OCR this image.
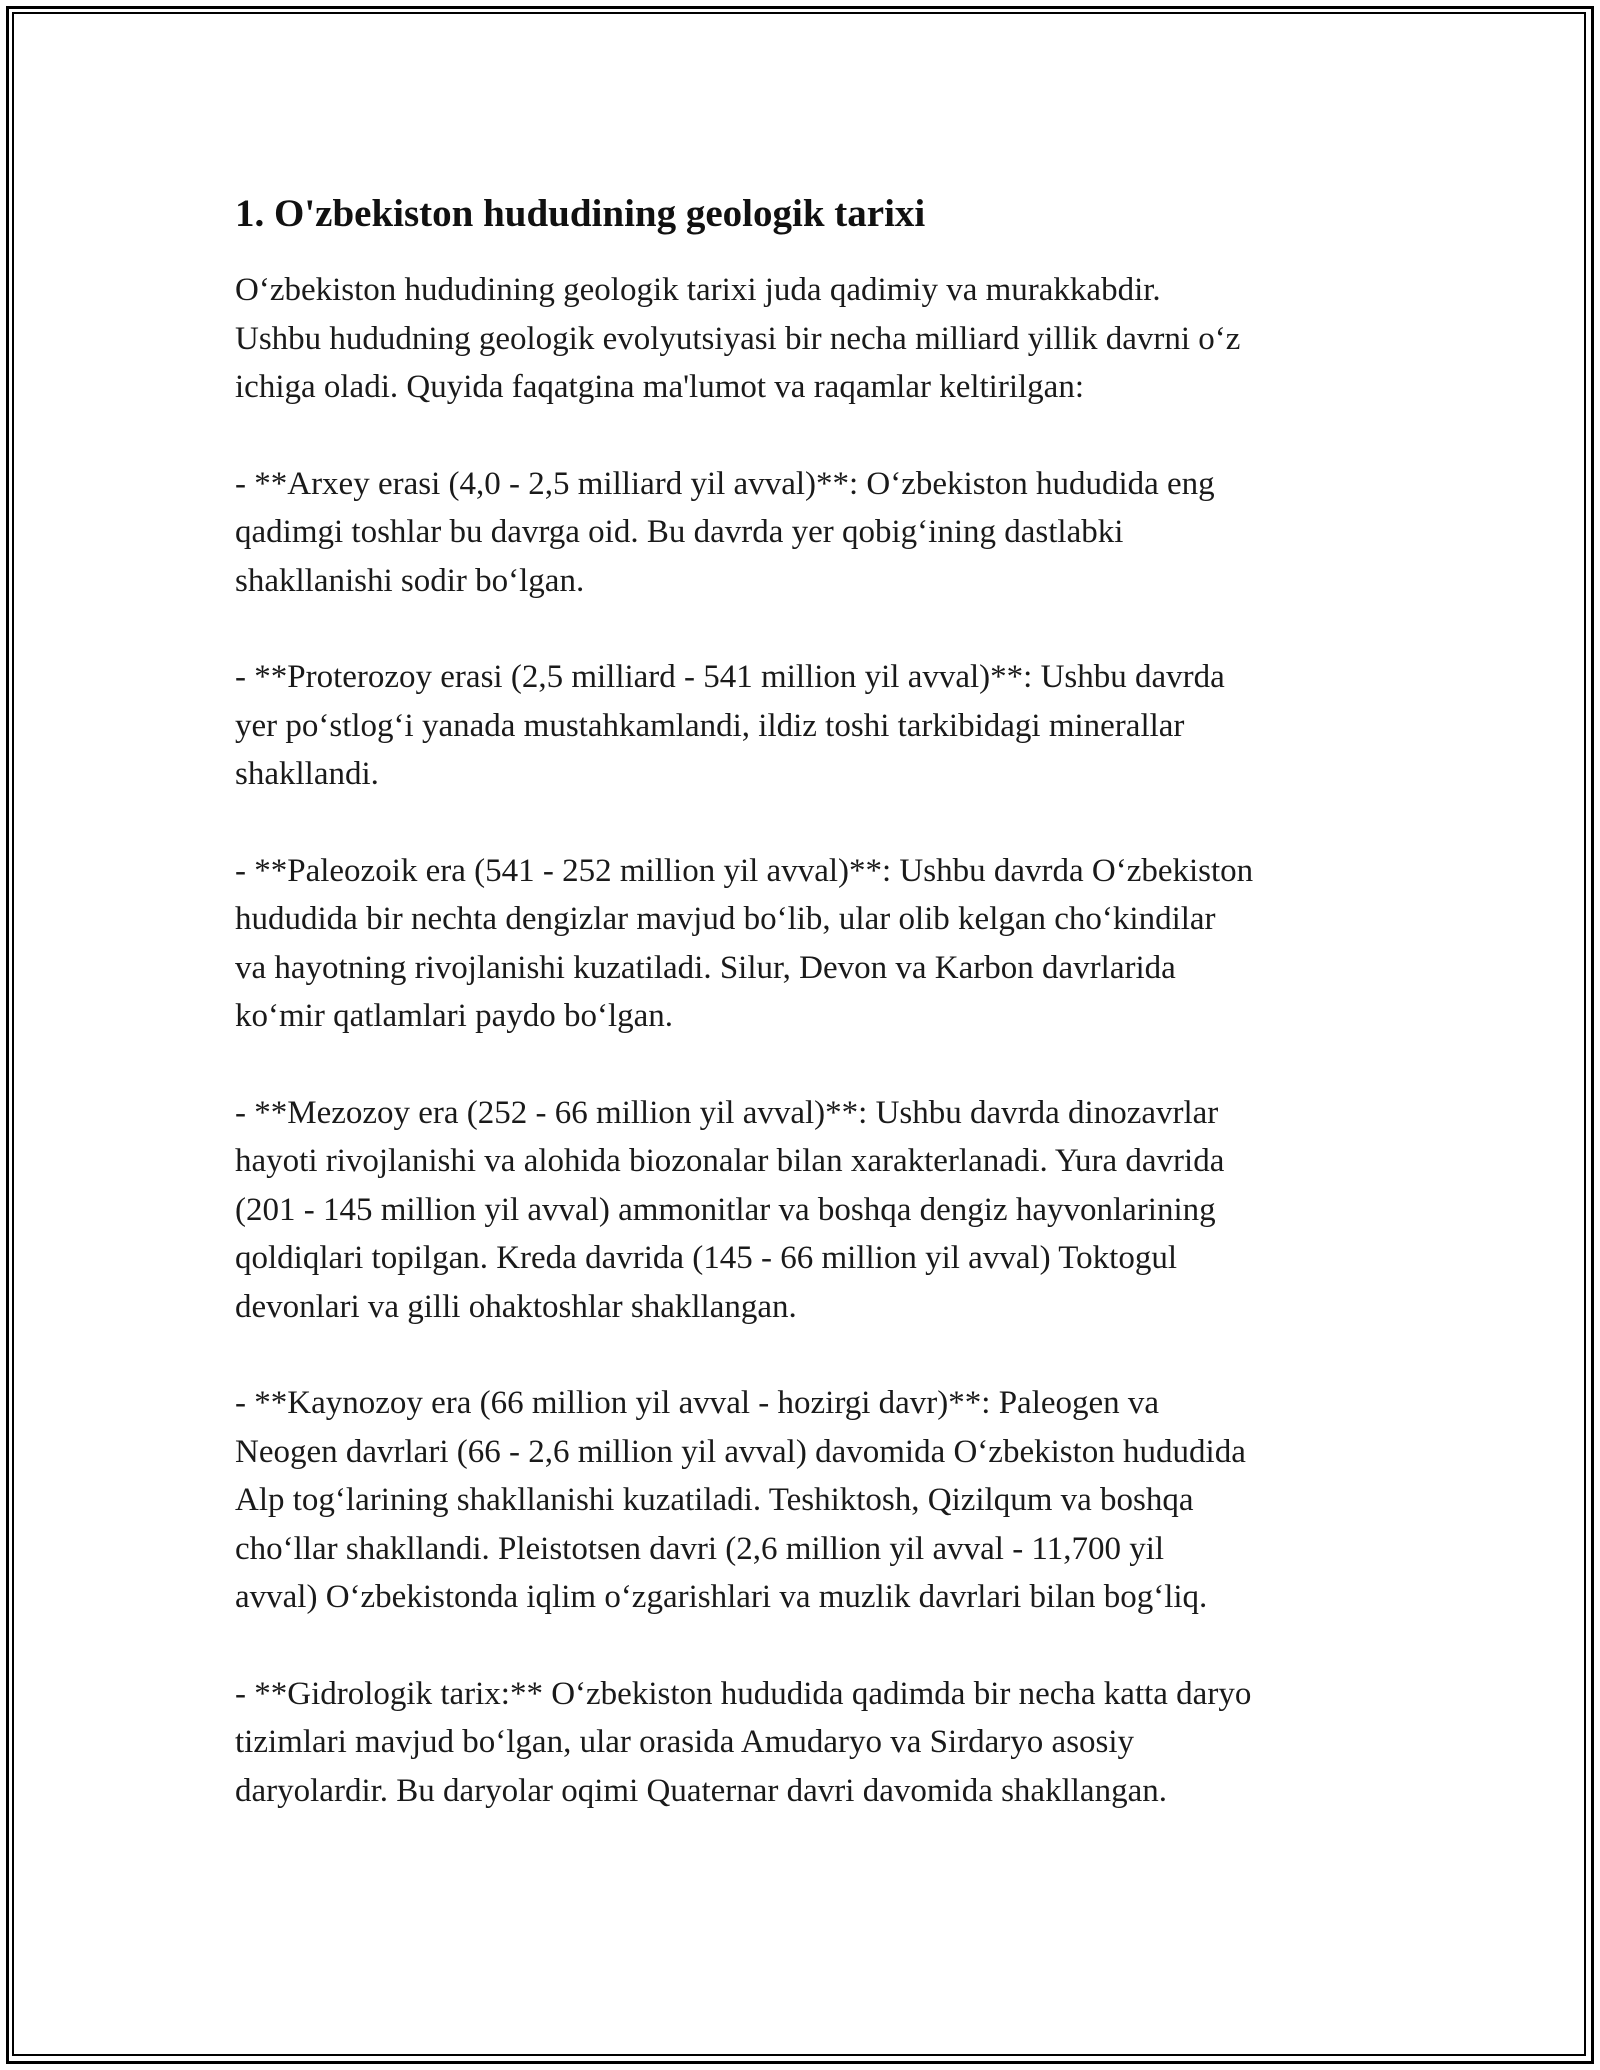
1. O'zbekiston hududining geologik tarixi

O‘zbekiston hududining geologik tarixi juda qadimiy va murakkabdir.
Ushbu hududning geologik evolyutsiyasi bir necha milliard yillik davrni o‘z
ichiga oladi. Quyida faqatgina ma'lumot va raqamlar keltirilgan:

- **Arxey erasi (4,0 - 2,5 milliard yil avval)**: O‘zbekiston hududida eng
qadimgi toshlar bu davrga oid. Bu davrda yer qobig‘ining dastlabki
shakllanishi sodir bo‘lgan.

- **Proterozoy erasi (2,5 milliard - 541 million yil avval)**: Ushbu davrda
yer po‘stlog‘i yanada mustahkamlandi, ildiz toshi tarkibidagi minerallar
shakllandi.

- **Paleozoik era (541 - 252 million yil avval)**: Ushbu davrda O‘zbekiston
hududida bir nechta dengizlar mavjud bo‘lib, ular olib kelgan cho‘kindilar
va hayotning rivojlanishi kuzatiladi. Silur, Devon va Karbon davrlarida
ko‘mir qatlamlari paydo bo‘lgan.

- **Mezozoy era (252 - 66 million yil avval)**: Ushbu davrda dinozavrlar
hayoti rivojlanishi va alohida biozonalar bilan xarakterlanadi. Yura davrida
(201 - 145 million yil avval) ammonitlar va boshqa dengiz hayvonlarining
qoldiqlari topilgan. Kreda davrida (145 - 66 million yil avval) Toktogul
devonlari va gilli ohaktoshlar shakllangan.

- **Kaynozoy era (66 million yil avval - hozirgi davr)**: Paleogen va
Neogen davrlari (66 - 2,6 million yil avval) davomida O‘zbekiston hududida
Alp tog‘larining shakllanishi kuzatiladi. Teshiktosh, Qizilqum va boshqa
cho‘llar shakllandi. Pleistotsen davri (2,6 million yil avval - 11,700 yil
avval) O‘zbekistonda iqlim o‘zgarishlari va muzlik davrlari bilan bog‘liq.

- **Gidrologik tarix:** O‘zbekiston hududida qadimda bir necha katta daryo
tizimlari mavjud bo‘lgan, ular orasida Amudaryo va Sirdaryo asosiy
daryolardir. Bu daryolar oqimi Quaternar davri davomida shakllangan.
